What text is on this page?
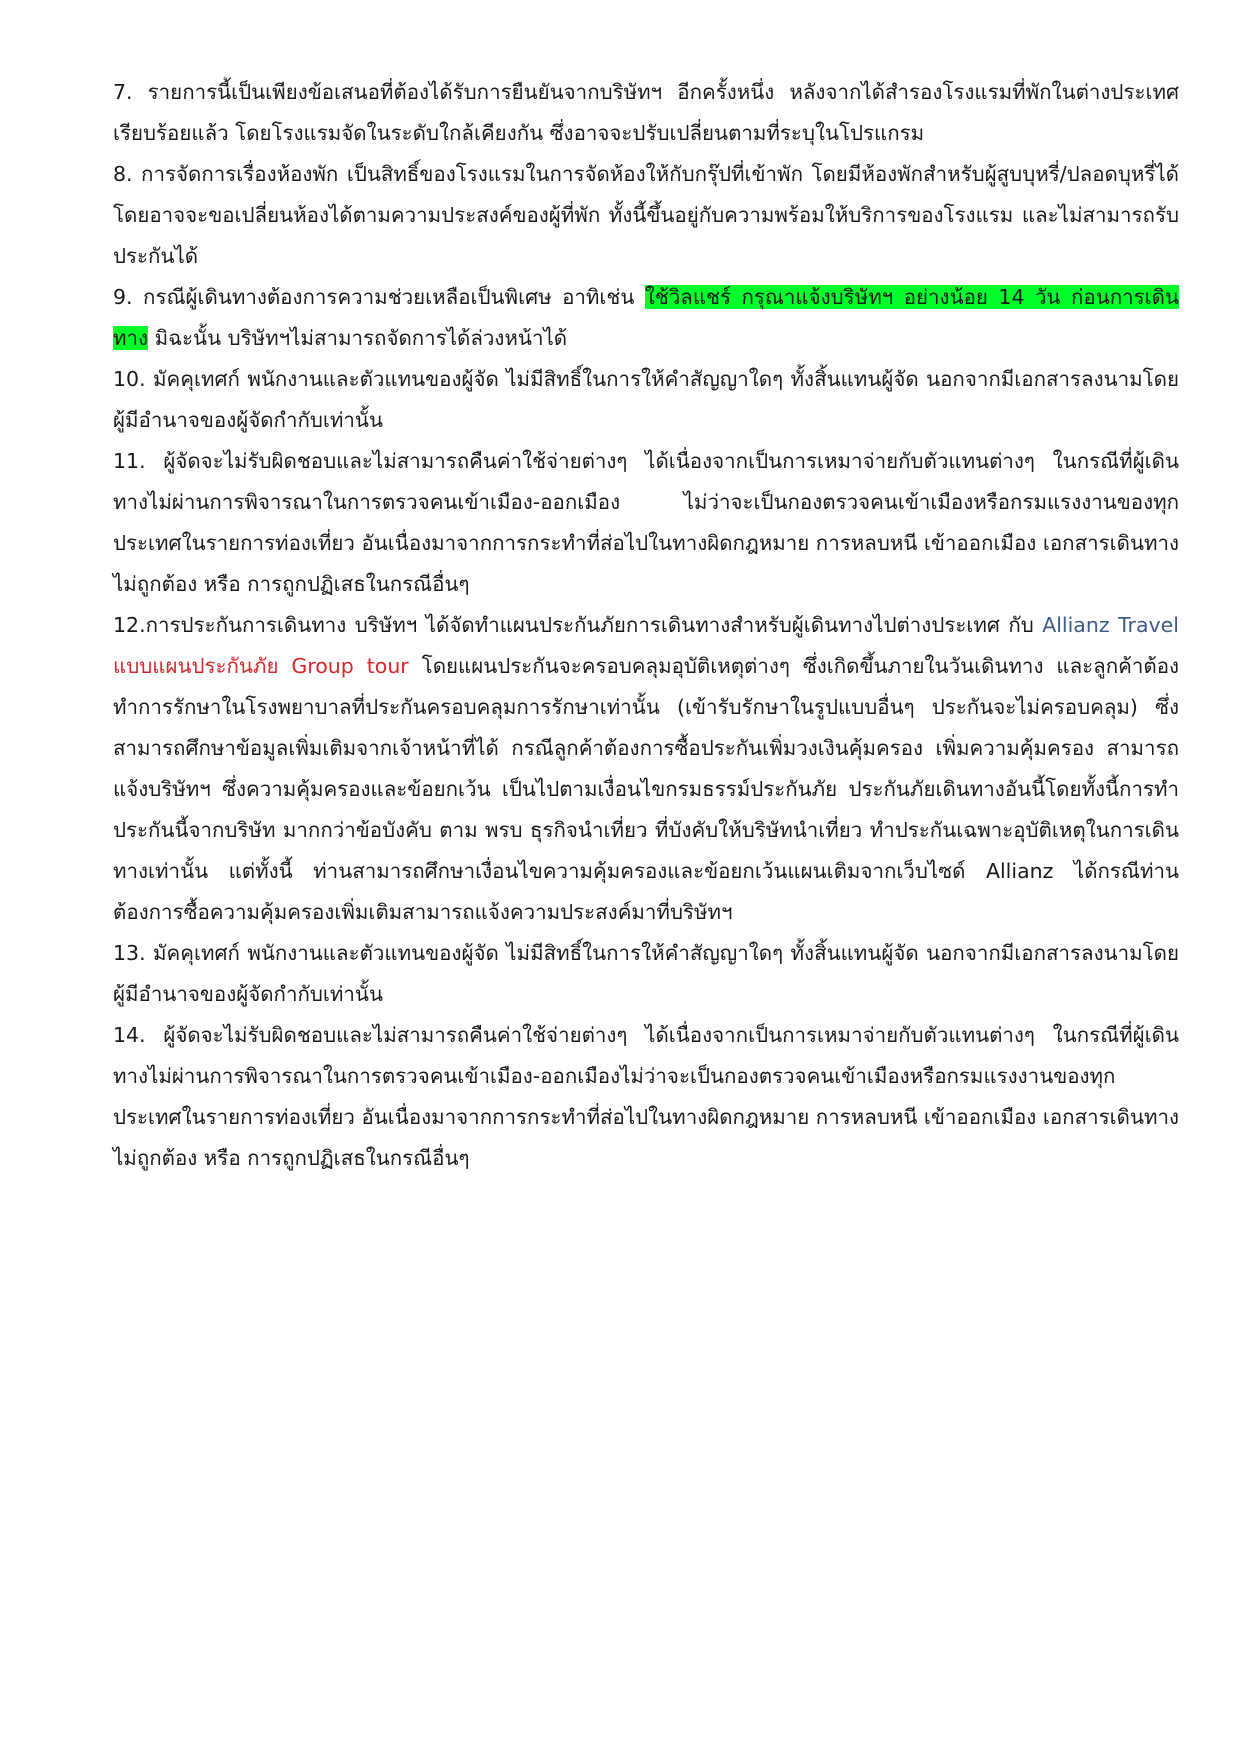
7. รายการนี้เป็นเพียงข้อเสนอที่ต้องได้รับการยืนยันจากบริษัทฯ อีกครั้งหนึ่ง หลังจากได้สำรองโรงแรมที่พักในต่างประเทศเรียบร้อยแล้ว โดยโรงแรมจัดในระดับใกล้เคียงกัน ซึ่งอาจจะปรับเปลี่ยนตามที่ระบุในโปรแกรม

8. การจัดการเรื่องห้องพัก เป็นสิทธิ์ของโรงแรมในการจัดห้องให้กับกรุ๊ปที่เข้าพัก โดยมีห้องพักสำหรับผู้สูบบุหรี่/ปลอดบุหรี่ได้ โดยอาจจะขอเปลี่ยนห้องได้ตามความประสงค์ของผู้ที่พัก ทั้งนี้ขึ้นอยู่กับความพร้อมให้บริการของโรงแรม และไม่สามารถรับประกันได้

9. กรณีผู้เดินทางต้องการความช่วยเหลือเป็นพิเศษ อาทิเช่น ใช้วิลแชร์ กรุณาแจ้งบริษัทฯ อย่างน้อย 14 วัน ก่อนการเดินทาง มิฉะนั้น บริษัทฯไม่สามารถจัดการได้ล่วงหน้าได้

10. มัคคุเทศก์ พนักงานและตัวแทนของผู้จัด ไม่มีสิทธิ์ในการให้คำสัญญาใดๆ ทั้งสิ้นแทนผู้จัด นอกจากมีเอกสารลงนามโดยผู้มีอำนาจของผู้จัดกำกับเท่านั้น

11. ผู้จัดจะไม่รับผิดชอบและไม่สามารถคืนค่าใช้จ่ายต่างๆ ได้เนื่องจากเป็นการเหมาจ่ายกับตัวแทนต่างๆ ในกรณีที่ผู้เดินทางไม่ผ่านการพิจารณาในการตรวจคนเข้าเมือง-ออกเมือง ไม่ว่าจะเป็นกองตรวจคนเข้าเมืองหรือกรมแรงงานของทุกประเทศในรายการท่องเที่ยว อันเนื่องมาจากการกระทำที่ส่อไปในทางผิดกฎหมาย การหลบหนี เข้าออกเมือง เอกสารเดินทางไม่ถูกต้อง หรือ การถูกปฏิเสธในกรณีอื่นๆ

12.การประกันการเดินทาง บริษัทฯ ได้จัดทำแผนประกันภัยการเดินทางสำหรับผู้เดินทางไปต่างประเทศ กับ Allianz Travel แบบแผนประกันภัย Group tour โดยแผนประกันจะครอบคลุมอุบัติเหตุต่างๆ ซึ่งเกิดขึ้นภายในวันเดินทาง และลูกค้าต้องทำการรักษาในโรงพยาบาลที่ประกันครอบคลุมการรักษาเท่านั้น (เข้ารับรักษาในรูปแบบอื่นๆ ประกันจะไม่ครอบคลุม) ซึ่งสามารถศึกษาข้อมูลเพิ่มเติมจากเจ้าหน้าที่ได้ กรณีลูกค้าต้องการซื้อประกันเพิ่มวงเงินคุ้มครอง เพิ่มความคุ้มครอง สามารถแจ้งบริษัทฯ ซึ่งความคุ้มครองและข้อยกเว้น เป็นไปตามเงื่อนไขกรมธรรม์ประกันภัย ประกันภัยเดินทางอันนี้โดยทั้งนี้การทำประกันนี้จากบริษัท มากกว่าข้อบังคับ ตาม พรบ ธุรกิจนำเที่ยว ที่บังคับให้บริษัทนำเที่ยว ทำประกันเฉพาะอุบัติเหตุในการเดินทางเท่านั้น แต่ทั้งนี้ ท่านสามารถศึกษาเงื่อนไขความคุ้มครองและข้อยกเว้นแผนเติมจากเว็บไซด์ Allianz ได้กรณีท่านต้องการซื้อความคุ้มครองเพิ่มเติมสามารถแจ้งความประสงค์มาที่บริษัทฯ

13. มัคคุเทศก์ พนักงานและตัวแทนของผู้จัด ไม่มีสิทธิ์ในการให้คำสัญญาใดๆ ทั้งสิ้นแทนผู้จัด นอกจากมีเอกสารลงนามโดยผู้มีอำนาจของผู้จัดกำกับเท่านั้น

14. ผู้จัดจะไม่รับผิดชอบและไม่สามารถคืนค่าใช้จ่ายต่างๆ ได้เนื่องจากเป็นการเหมาจ่ายกับตัวแทนต่างๆ ในกรณีที่ผู้เดินทางไม่ผ่านการพิจารณาในการตรวจคนเข้าเมือง-ออกเมืองไม่ว่าจะเป็นกองตรวจคนเข้าเมืองหรือกรมแรงงานของทุกประเทศในรายการท่องเที่ยว อันเนื่องมาจากการกระทำที่ส่อไปในทางผิดกฎหมาย การหลบหนี เข้าออกเมือง เอกสารเดินทางไม่ถูกต้อง หรือ การถูกปฏิเสธในกรณีอื่นๆ
